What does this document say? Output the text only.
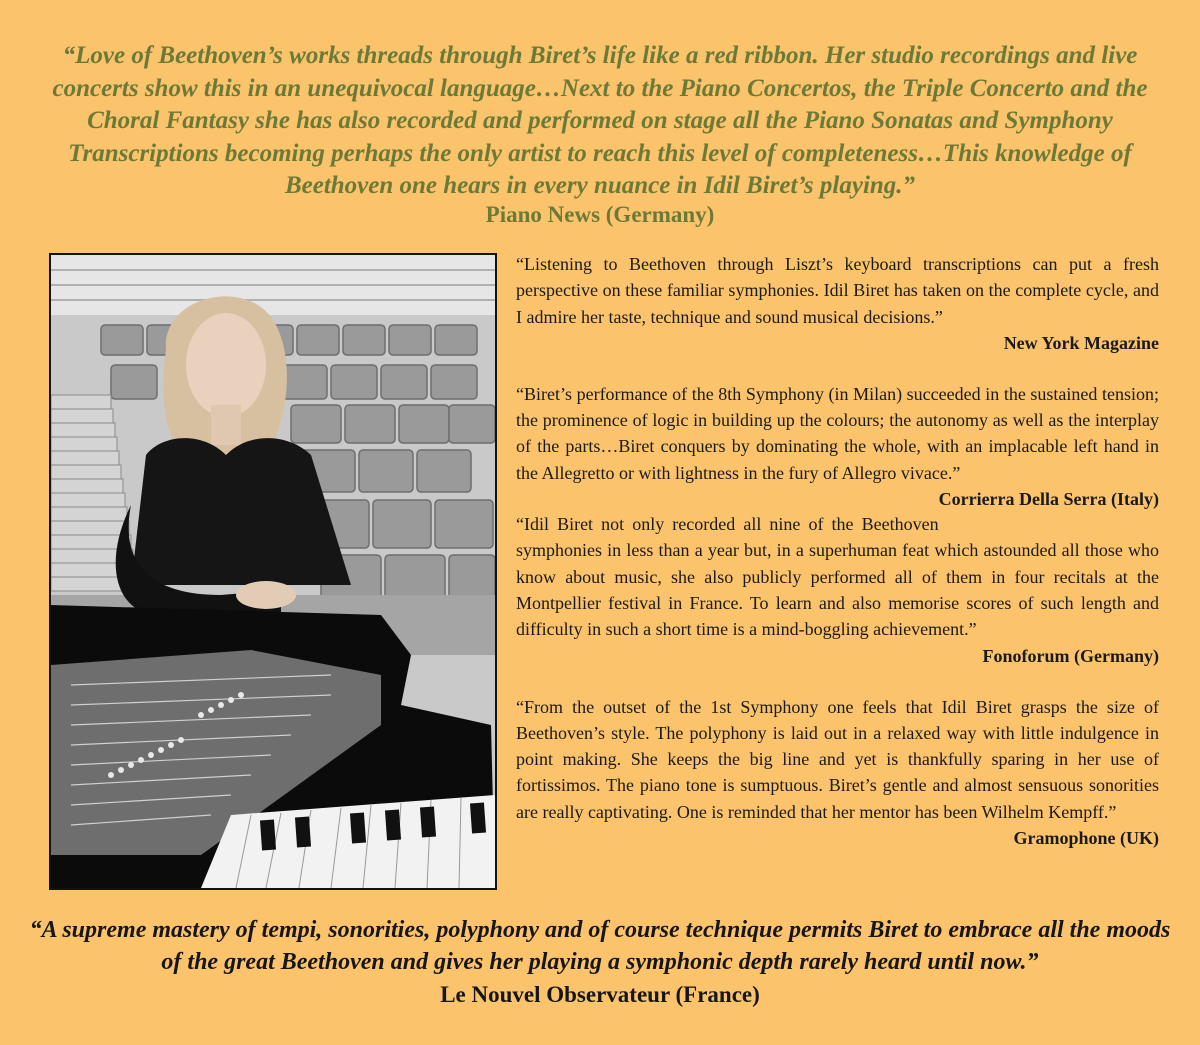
“Love of Beethoven’s works threads through Biret’s life like a red ribbon. Her studio recordings and live concerts show this in an unequivocal language…Next to the Piano Concertos, the Triple Concerto and the Choral Fantasy she has also recorded and performed on stage all the Piano Sonatas and Symphony Transcriptions becoming perhaps the only artist to reach this level of completeness…This knowledge of Beethoven one hears in every nuance in Idil Biret’s playing.”

Piano News (Germany)

“Listening to Beethoven through Liszt’s keyboard transcriptions can put a fresh perspective on these familiar symphonies. Idil Biret has taken on the complete cycle, and I admire her taste, technique and sound musical decisions.”

New York Magazine

“Biret’s performance of the 8th Symphony (in Milan) succeeded in the sustained tension; the prominence of logic in building up the colours; the autonomy as well as the interplay of the parts…Biret conquers by dominating the whole, with an implacable left hand in the Allegretto or with lightness in the fury of Allegro vivace.”
Corrierra Della Serra (Italy)

“Idil Biret not only recorded all nine of the Beethoven symphonies in less than a year but, in a superhuman feat which astounded all those who know about music, she also publicly performed all of them in four recitals at the Montpellier festival in France. To learn and also memorise scores of such length and difficulty in such a short time is a mind-boggling achievement.”

Fonoforum (Germany)

“From the outset of the 1st Symphony one feels that Idil Biret grasps the size of Beethoven’s style. The polyphony is laid out in a relaxed way with little indulgence in point making. She keeps the big line and yet is thankfully sparing in her use of fortissimos. The piano tone is sumptuous. Biret’s gentle and almost sensuous sonorities are really captivating. One is reminded that her mentor has been Wilhelm Kempff.”
Gramophone (UK)

“A supreme mastery of tempi, sonorities, polyphony and of course technique permits Biret to embrace all the moods of the great Beethoven and gives her playing a symphonic depth rarely heard until now.”

Le Nouvel Observateur (France)
